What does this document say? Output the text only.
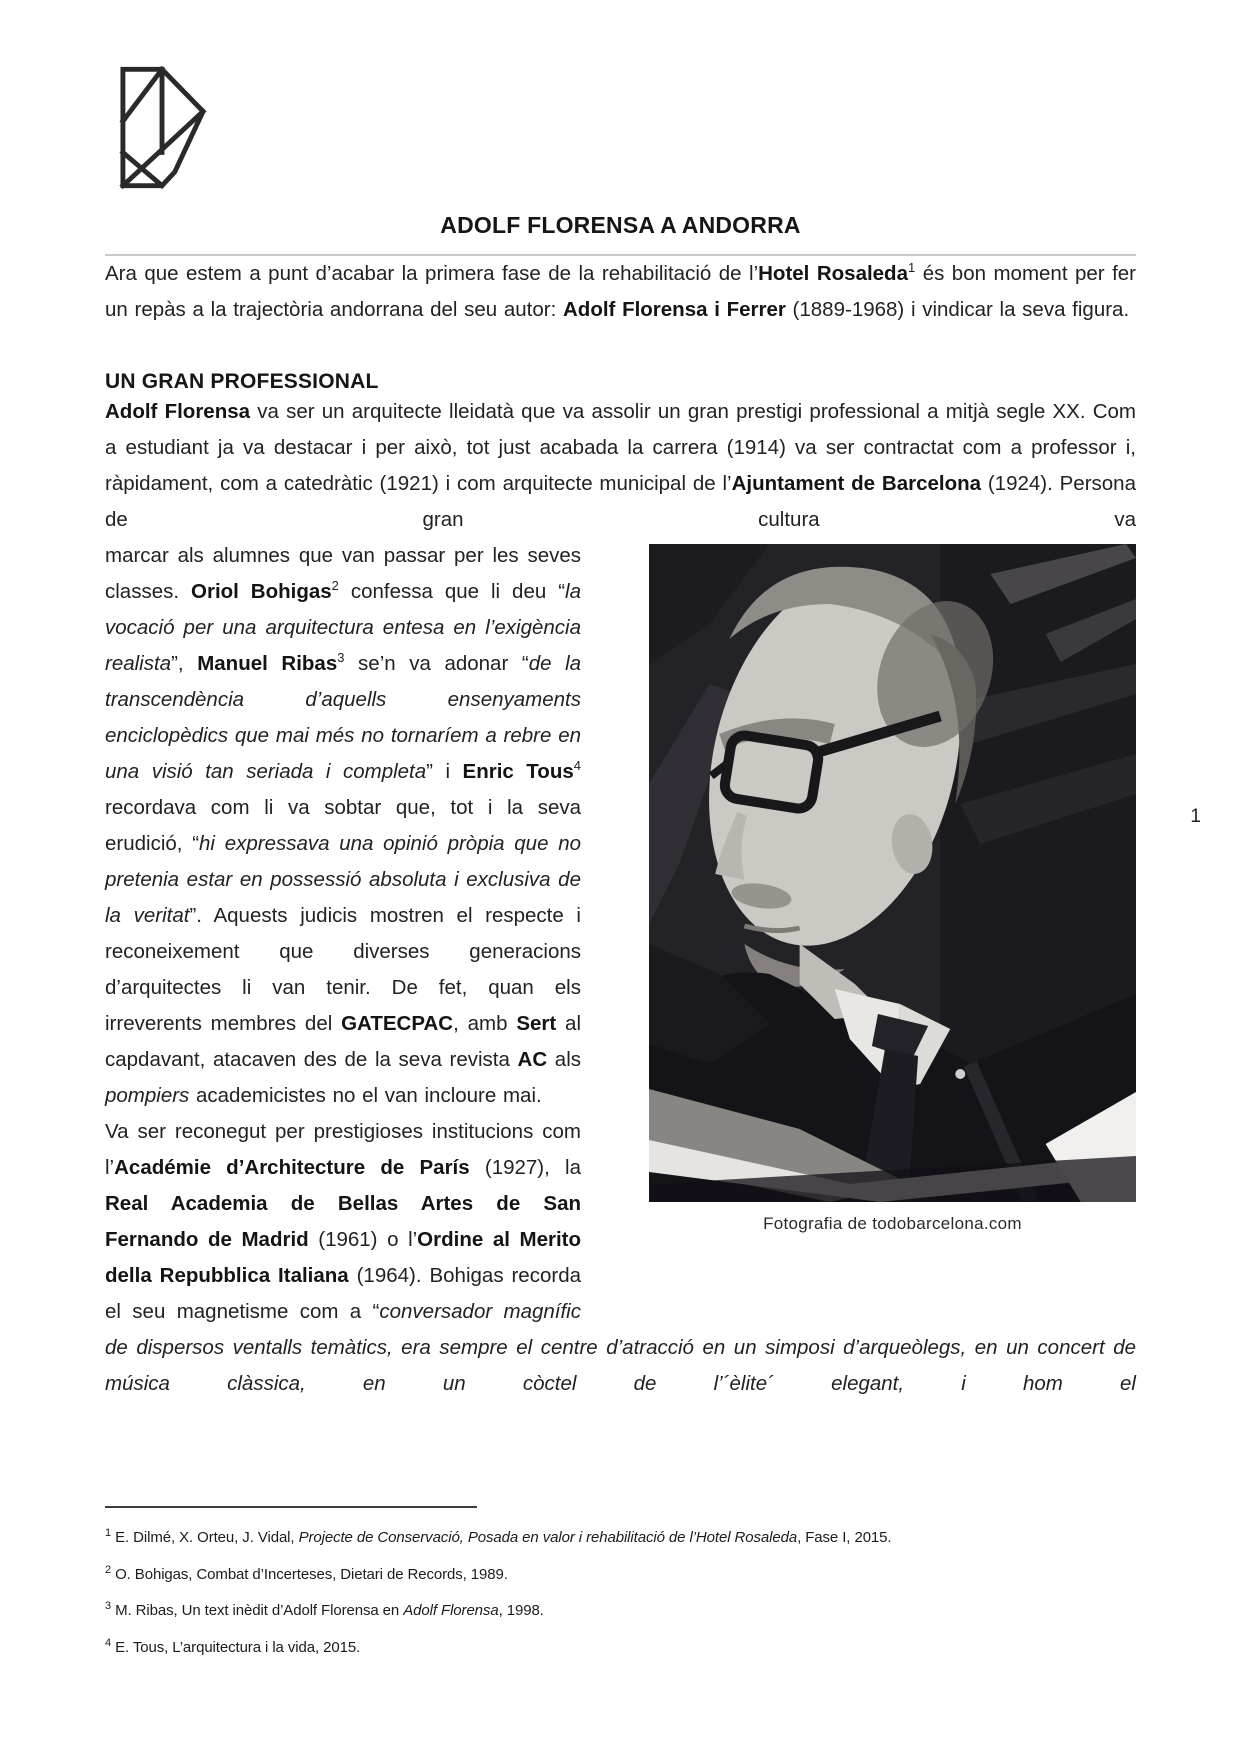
ADOLF FLORENSA A ANDORRA

Ara que estem a punt d’acabar la primera fase de la rehabilitació de l’Hotel Rosaleda$^1$ és bon moment per fer un repàs a la trajectòria andorrana del seu autor: Adolf Florensa i Ferrer (1889-1968) i vindicar la seva figura.

UN GRAN PROFESSIONAL

Adolf Florensa va ser un arquitecte lleidatà que va assolir un gran prestigi professional a mitjà segle XX. Com a estudiant ja va destacar i per això, tot just acabada la carrera (1914) va ser contractat com a professor i, ràpidament, com a catedràtic (1921) i com arquitecte municipal de l’Ajuntament de Barcelona (1924). Persona de gran cultura va

Fotografia de todobarcelona.com

marcar als alumnes que van passar per les seves classes. Oriol Bohigas$^2$ confessa que li deu “la vocació per una arquitectura entesa en l’exigència realista”, Manuel Ribas$^3$ se’n va adonar “de la transcendència d’aquells ensenyaments enciclopèdics que mai més no tornaríem a rebre en una visió tan seriada i completa” i Enric Tous$^4$ recordava com li va sobtar que, tot i la seva erudició, “hi expressava una opinió pròpia que no pretenia estar en possessió absoluta i exclusiva de la veritat”. Aquests judicis mostren el respecte i reconeixement que diverses generacions d’arquitectes li van tenir. De fet, quan els irreverents membres del GATECPAC, amb Sert al capdavant, atacaven des de la seva revista AC als pompiers academicistes no el van incloure mai.

Va ser reconegut per prestigioses institucions com l’Académie d’Architecture de París (1927), la Real Academia de Bellas Artes de San Fernando de Madrid (1961) o l’Ordine al Merito della Repubblica Italiana (1964). Bohigas recorda el seu magnetisme com a “conversador magnífic de dispersos ventalls temàtics, era sempre el centre d’atracció en un simposi d’arqueòlegs, en un concert de música clàssica, en un còctel de l’´èlite´ elegant, i hom el

$^1$ E. Dilmé, X. Orteu, J. Vidal, Projecte de Conservació, Posada en valor i rehabilitació de l’Hotel Rosaleda, Fase I, 2015.

$^2$ O. Bohigas, Combat d’Incerteses, Dietari de Records, 1989.

$^3$ M. Ribas, Un text inèdit d’Adolf Florensa en Adolf Florensa, 1998.

$^4$ E. Tous, L’arquitectura i la vida, 2015.

1
